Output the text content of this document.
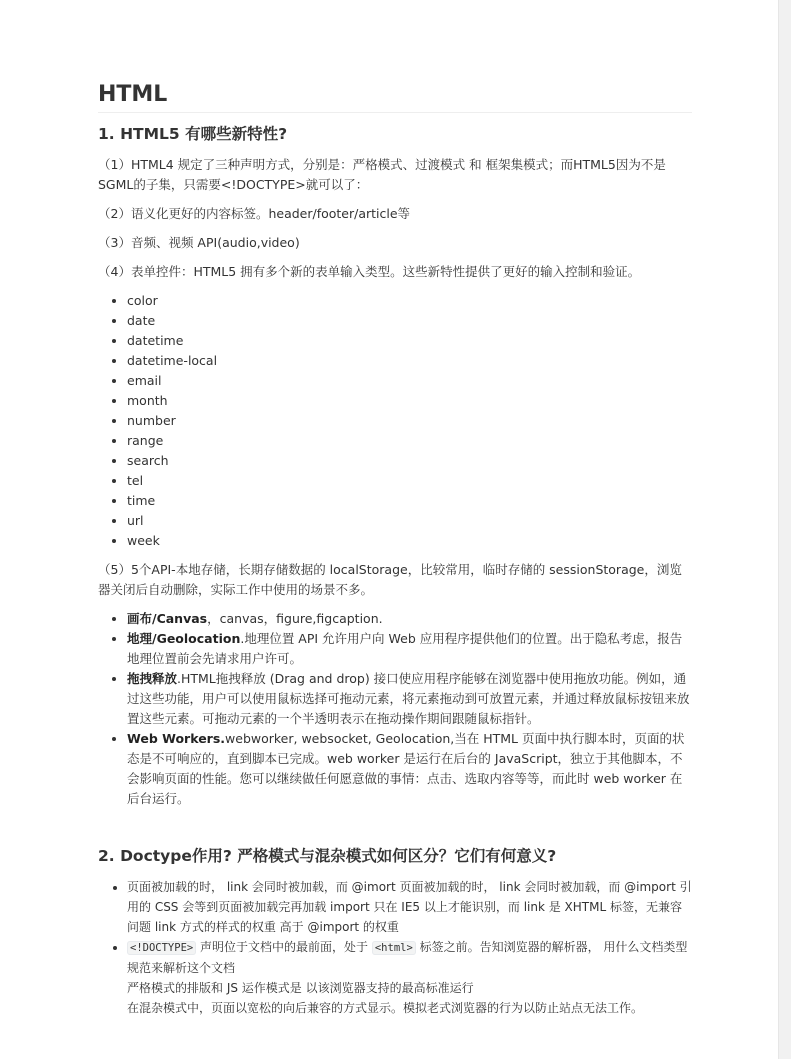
HTML
1. HTML5 有哪些新特性?

（1）HTML4 规定了三种声明方式，分别是：严格模式、过渡模式 和 框架集模式；而HTML5因为不是SGML的子集，只需要<!DOCTYPE>就可以了：

（2）语义化更好的内容标签。header/footer/article等

（3）音频、视频 API(audio,video)

（4）表单控件：HTML5 拥有多个新的表单输入类型。这些新特性提供了更好的输入控制和验证。

• color
• date
• datetime
• datetime-local
• email
• month
• number
• range
• search
• tel
• time
• url
• week

（5）5个API-本地存储，长期存储数据的 localStorage，比较常用，临时存储的 sessionStorage，浏览器关闭后自动删除，实际工作中使用的场景不多。

• 画布/Canvas，canvas，figure,figcaption.
• 地理/Geolocation.地理位置 API 允许用户向 Web 应用程序提供他们的位置。出于隐私考虑，报告地理位置前会先请求用户许可。
• 拖拽释放.HTML拖拽释放 (Drag and drop) 接口使应用程序能够在浏览器中使用拖放功能。例如，通过这些功能，用户可以使用鼠标选择可拖动元素，将元素拖动到可放置元素，并通过释放鼠标按钮来放置这些元素。可拖动元素的一个半透明表示在拖动操作期间跟随鼠标指针。
• Web Workers.webworker, websocket, Geolocation,当在 HTML 页面中执行脚本时，页面的状态是不可响应的，直到脚本已完成。web worker 是运行在后台的 JavaScript，独立于其他脚本，不会影响页面的性能。您可以继续做任何愿意做的事情：点击、选取内容等等，而此时 web worker 在后台运行。
2. Doctype作用? 严格模式与混杂模式如何区分？它们有何意义?
• 页面被加载的时， link 会同时被加载，而 @imort 页面被加载的时， link 会同时被加载，而 @import 引用的 CSS 会等到页面被加载完再加载 import 只在 IE5 以上才能识别，而 link 是 XHTML 标签，无兼容问题 link 方式的样式的权重 高于 @import 的权重
• <!DOCTYPE> 声明位于文档中的最前面，处于 <html> 标签之前。告知浏览器的解析器， 用什么文档类型 规范来解析这个文档
严格模式的排版和 JS 运作模式是 以该浏览器支持的最高标准运行
在混杂模式中，页面以宽松的向后兼容的方式显示。模拟老式浏览器的行为以防止站点无法工作。
